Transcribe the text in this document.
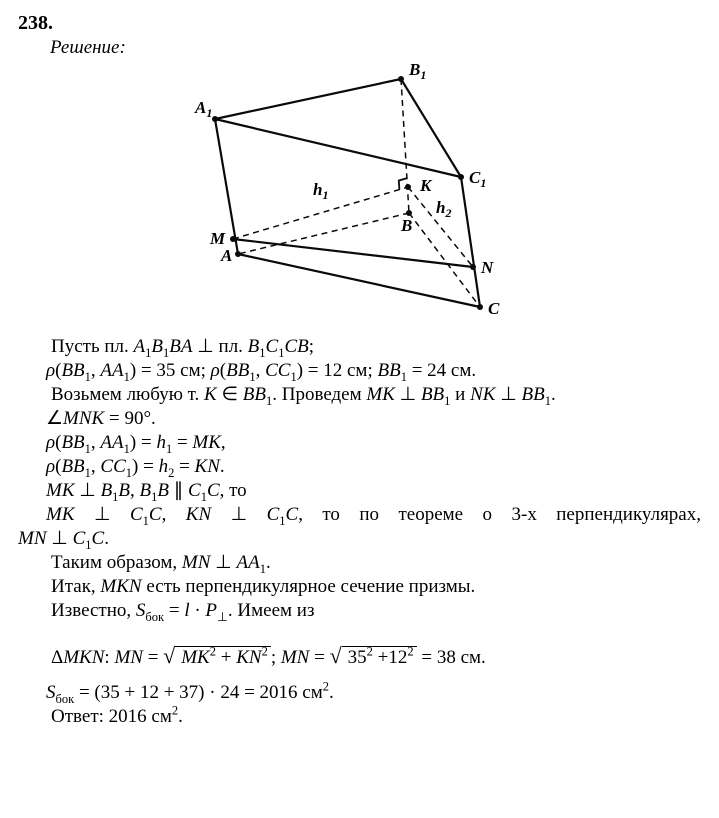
238.
Решение:
$A_1$
$B_1$
$C_1$
A
B
C
M
N
K
$h_1$
$h_2$
Пусть пл. $A_1B_1BA$ ⊥ пл. $B_1C_1CB$;
$\rho(BB_1$, $AA_1) = 35$ см; $\rho(BB_1$, $CC_1) = 12$ см; $BB_1 = 24$ см.
Возьмем любую т. K ∈ $BB_1$. Проведем MK ⊥ $BB_1$ и NK ⊥ $BB_1$.
∠MNK = 90°.
$\rho(BB_1$, $AA_1) = h_1$ = MK,
$\rho(BB_1$, $CC_1) = h_2$ = KN.
MK ⊥ $B_1B$, $B_1B$ ∥ $C_1C$, то
MK ⊥ $C_1C$, KN ⊥ $C_1C$, то по теореме о 3-х перпендикулярах,
MN ⊥ $C_1C$.
Таким образом, MN ⊥ $AA_1$.
Итак, MKN есть перпендикулярное сечение призмы.
Известно, $S_{бок} = l \cdot P_\perp$. Имеем из
ΔMKN: MN = √ $MK^2 + KN^2$ ; MN = √ $35^2 +12^2 = 38$ см.
$S_{бок} = (35 + 12 + 37) \cdot 24 = 2016$ $см^2$.
Ответ: 2016 $см^2$.
